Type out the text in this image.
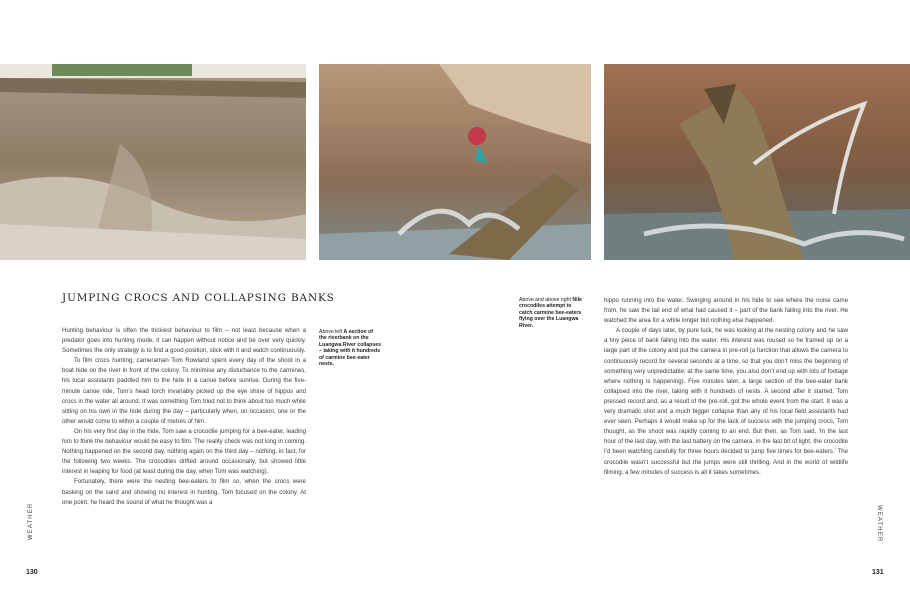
JUMPING CROCS AND COLLAPSING BANKS

Hunting behaviour is often the trickiest behaviour to film – not least because when a predator goes into hunting mode, it can happen without notice and be over very quickly. Sometimes the only strategy is to find a good position, stick with it and watch continuously.

To film crocs hunting, cameraman Tom Rowland spent every day of the shoot in a boat hide on the river in front of the colony. To minimise any disturbance to the carmines, his local assistants paddled him to the hide in a canoe before sunrise. During the five-minute canoe ride, Tom’s head torch invariably picked up the eye shine of hippos and crocs in the water all around. It was something Tom tried not to think about too much while sitting on his own in the hide during the day – particularly when, on occasion, one or the other would come to within a couple of metres of him.

On his very first day in the hide, Tom saw a crocodile jumping for a bee-eater, leading him to think the behaviour would be easy to film. The reality check was not long in coming. Nothing happened on the second day, nothing again on the third day – nothing, in fact, for the following two weeks. The crocodiles drifted around occasionally, but showed little interest in leaping for food (at least during the day, when Tom was watching).

Fortunately, there were the nesting bee-eaters to film so, when the crocs were basking on the sand and showing no interest in hunting, Tom focused on the colony. At one point, he heard the sound of what he thought was a

Above left A section of the riverbank on the Luangwa River collapses – taking with it hundreds of carmine bee-eater nests.
Above and above right Nile crocodiles attempt to catch carmine bee-eaters flying over the Luangwa River.

hippo running into the water. Swinging around in his hide to see where the noise came from, he saw the tail end of what had caused it – part of the bank falling into the river. He watched the area for a while longer but nothing else happened.

A couple of days later, by pure luck, he was looking at the nesting colony and he saw a tiny piece of bank falling into the water. His interest was roused so he framed up on a large part of the colony and put the camera in pre-roll (a function that allows the camera to continuously record for several seconds at a time, so that you don’t miss the beginning of something very unpredictable; at the same time, you also don’t end up with lots of footage where nothing is happening). Five minutes later, a large section of the bee-eater bank collapsed into the river, taking with it hundreds of nests. A second after it started, Tom pressed record and, as a result of the pre-roll, got the whole event from the start. It was a very dramatic shot and a much bigger collapse than any of his local field assistants had ever seen. Perhaps it would make up for the lack of success with the jumping crocs, Tom thought, as the shoot was rapidly coming to an end. But then, as Tom said, ‘In the last hour of the last day, with the last battery on the camera, in the last bit of light, the crocodile I’d been watching carefully for three hours decided to jump five times for bee-eaters.’ The crocodile wasn’t successful but the jumps were still thrilling. And in the world of wildlife filming, a few minutes of success is all it takes sometimes.

WEATHER	WEATHER
130	131
